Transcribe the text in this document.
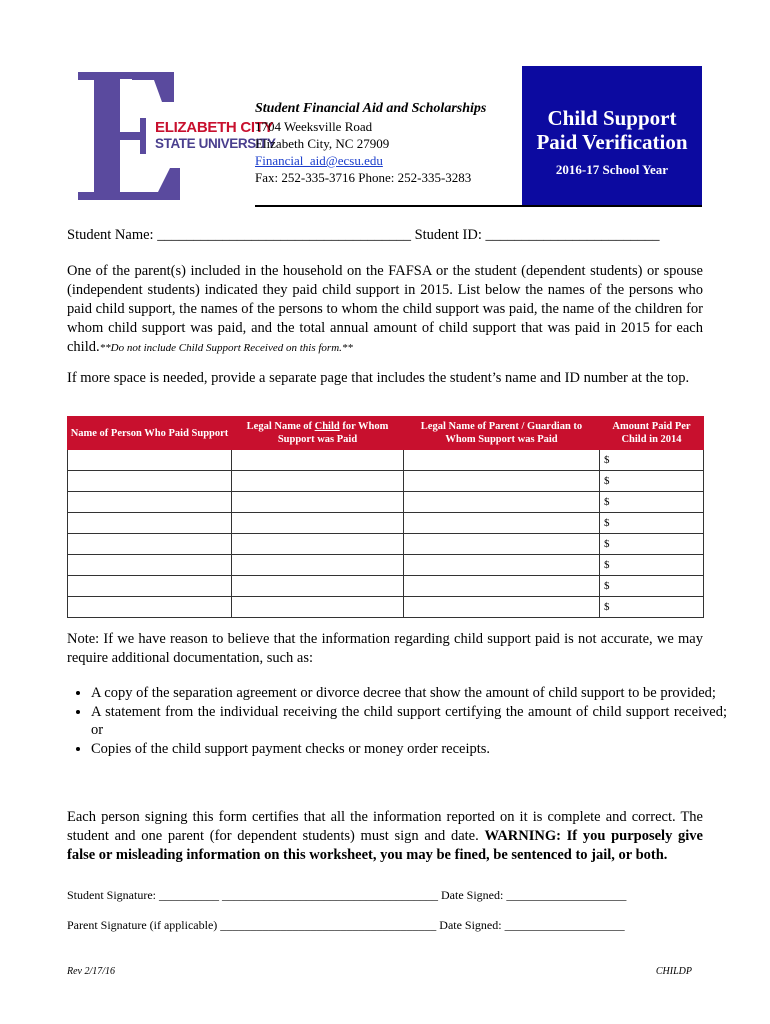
ELIZABETH CITY
STATE UNIVERSITY
Student Financial Aid and Scholarships
1704 Weeksville Road
Elizabeth City, NC 27909
Financial_aid@ecsu.edu
Fax: 252-335-3716 Phone: 252-335-3283
Child Support
Paid Verification
2016-17 School Year
Student Name: ___________________________________ Student ID: ________________________
One of the parent(s) included in the household on the FAFSA or the student (dependent students) or spouse (independent students) indicated they paid child support in 2015. List below the names of the persons who paid child support, the names of the persons to whom the child support was paid, the name of the children for whom child support was paid, and the total annual amount of child support that was paid in 2015 for each child.**Do not include Child Support Received on this form.**
If more space is needed, provide a separate page that includes the student’s name and ID number at the top.
Name of Person Who Paid Support	Legal Name of Child for Whom Support was Paid	Legal Name of Parent / Guardian to Whom Support was Paid	Amount Paid Per Child in 2014
			$
			$
			$
			$
			$
			$
			$
			$
Note: If we have reason to believe that the information regarding child support paid is not accurate, we may require additional documentation, such as:
• A copy of the separation agreement or divorce decree that show the amount of child support to be provided;
• A statement from the individual receiving the child support certifying the amount of child support received; or
• Copies of the child support payment checks or money order receipts.
Each person signing this form certifies that all the information reported on it is complete and correct. The student and one parent (for dependent students) must sign and date. WARNING: If you purposely give false or misleading information on this worksheet, you may be fined, be sentenced to jail, or both.
Student Signature: __________ ____________________________________ Date Signed: ____________________
Parent Signature (if applicable) ____________________________________ Date Signed: ____________________
Rev 2/17/16	CHILDP
